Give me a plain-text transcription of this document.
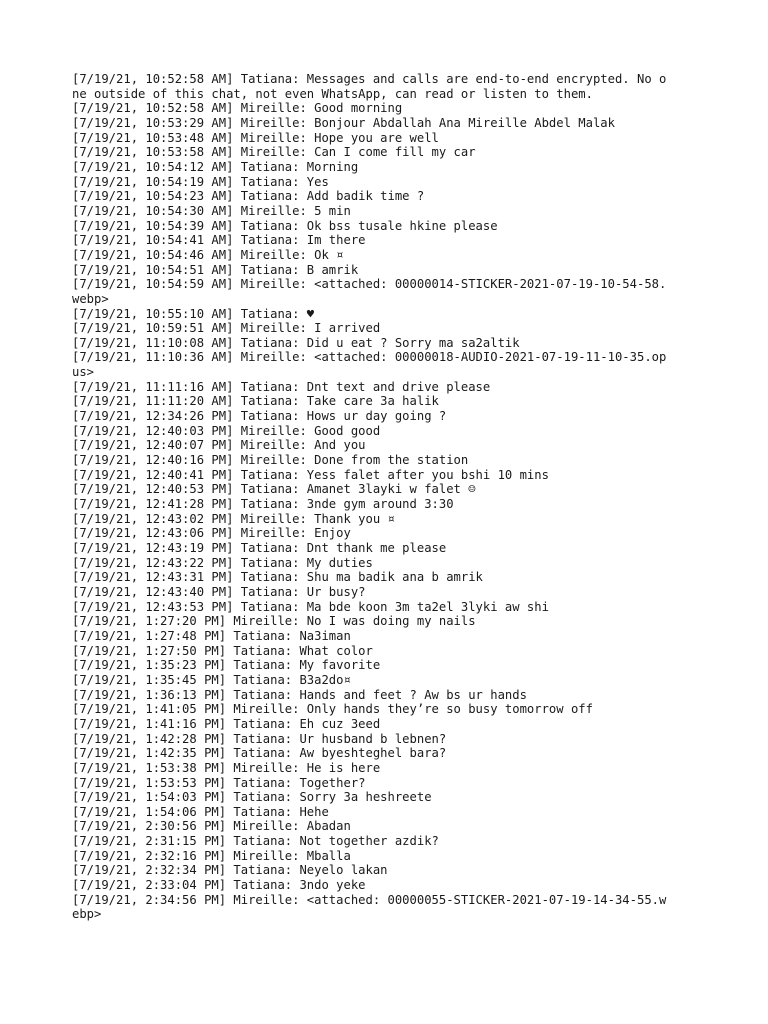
[7/19/21, 10:52:58 AM] Tatiana: Messages and calls are end-to-end encrypted. No one outside of this chat, not even WhatsApp, can read or listen to them.
[7/19/21, 10:52:58 AM] Mireille: Good morning
[7/19/21, 10:53:29 AM] Mireille: Bonjour Abdallah Ana Mireille Abdel Malak
[7/19/21, 10:53:48 AM] Mireille: Hope you are well
[7/19/21, 10:53:58 AM] Mireille: Can I come fill my car
[7/19/21, 10:54:12 AM] Tatiana: Morning
[7/19/21, 10:54:19 AM] Tatiana: Yes
[7/19/21, 10:54:23 AM] Tatiana: Add badik time ?
[7/19/21, 10:54:30 AM] Mireille: 5 min
[7/19/21, 10:54:39 AM] Tatiana: Ok bss tusale hkine please
[7/19/21, 10:54:41 AM] Tatiana: Im there
[7/19/21, 10:54:46 AM] Mireille: Ok ¤
[7/19/21, 10:54:51 AM] Tatiana: B amrik
[7/19/21, 10:54:59 AM] Mireille: <attached: 00000014-STICKER-2021-07-19-10-54-58.webp>
[7/19/21, 10:55:10 AM] Tatiana: ♥
[7/19/21, 10:59:51 AM] Mireille: I arrived
[7/19/21, 11:10:08 AM] Tatiana: Did u eat ? Sorry ma sa2altik
[7/19/21, 11:10:36 AM] Mireille: <attached: 00000018-AUDIO-2021-07-19-11-10-35.opus>
[7/19/21, 11:11:16 AM] Tatiana: Dnt text and drive please
[7/19/21, 11:11:20 AM] Tatiana: Take care 3a halik
[7/19/21, 12:34:26 PM] Tatiana: Hows ur day going ?
[7/19/21, 12:40:03 PM] Mireille: Good good
[7/19/21, 12:40:07 PM] Mireille: And you
[7/19/21, 12:40:16 PM] Mireille: Done from the station
[7/19/21, 12:40:41 PM] Tatiana: Yess falet after you bshi 10 mins
[7/19/21, 12:40:53 PM] Tatiana: Amanet 3layki w falet ☺
[7/19/21, 12:41:28 PM] Tatiana: 3nde gym around 3:30
[7/19/21, 12:43:02 PM] Mireille: Thank you ¤
[7/19/21, 12:43:06 PM] Mireille: Enjoy
[7/19/21, 12:43:19 PM] Tatiana: Dnt thank me please
[7/19/21, 12:43:22 PM] Tatiana: My duties
[7/19/21, 12:43:31 PM] Tatiana: Shu ma badik ana b amrik
[7/19/21, 12:43:40 PM] Tatiana: Ur busy?
[7/19/21, 12:43:53 PM] Tatiana: Ma bde koon 3m ta2el 3lyki aw shi
[7/19/21, 1:27:20 PM] Mireille: No I was doing my nails
[7/19/21, 1:27:48 PM] Tatiana: Na3iman
[7/19/21, 1:27:50 PM] Tatiana: What color
[7/19/21, 1:35:23 PM] Tatiana: My favorite
[7/19/21, 1:35:45 PM] Tatiana: B3a2do¤
[7/19/21, 1:36:13 PM] Tatiana: Hands and feet ? Aw bs ur hands
[7/19/21, 1:41:05 PM] Mireille: Only hands they’re so busy tomorrow off
[7/19/21, 1:41:16 PM] Tatiana: Eh cuz 3eed
[7/19/21, 1:42:28 PM] Tatiana: Ur husband b lebnen?
[7/19/21, 1:42:35 PM] Tatiana: Aw byeshteghel bara?
[7/19/21, 1:53:38 PM] Mireille: He is here
[7/19/21, 1:53:53 PM] Tatiana: Together?
[7/19/21, 1:54:03 PM] Tatiana: Sorry 3a heshreete
[7/19/21, 1:54:06 PM] Tatiana: Hehe
[7/19/21, 2:30:56 PM] Mireille: Abadan
[7/19/21, 2:31:15 PM] Tatiana: Not together azdik?
[7/19/21, 2:32:16 PM] Mireille: Mballa
[7/19/21, 2:32:34 PM] Tatiana: Neyelo lakan
[7/19/21, 2:33:04 PM] Tatiana: 3ndo yeke
[7/19/21, 2:34:56 PM] Mireille: <attached: 00000055-STICKER-2021-07-19-14-34-55.webp>
